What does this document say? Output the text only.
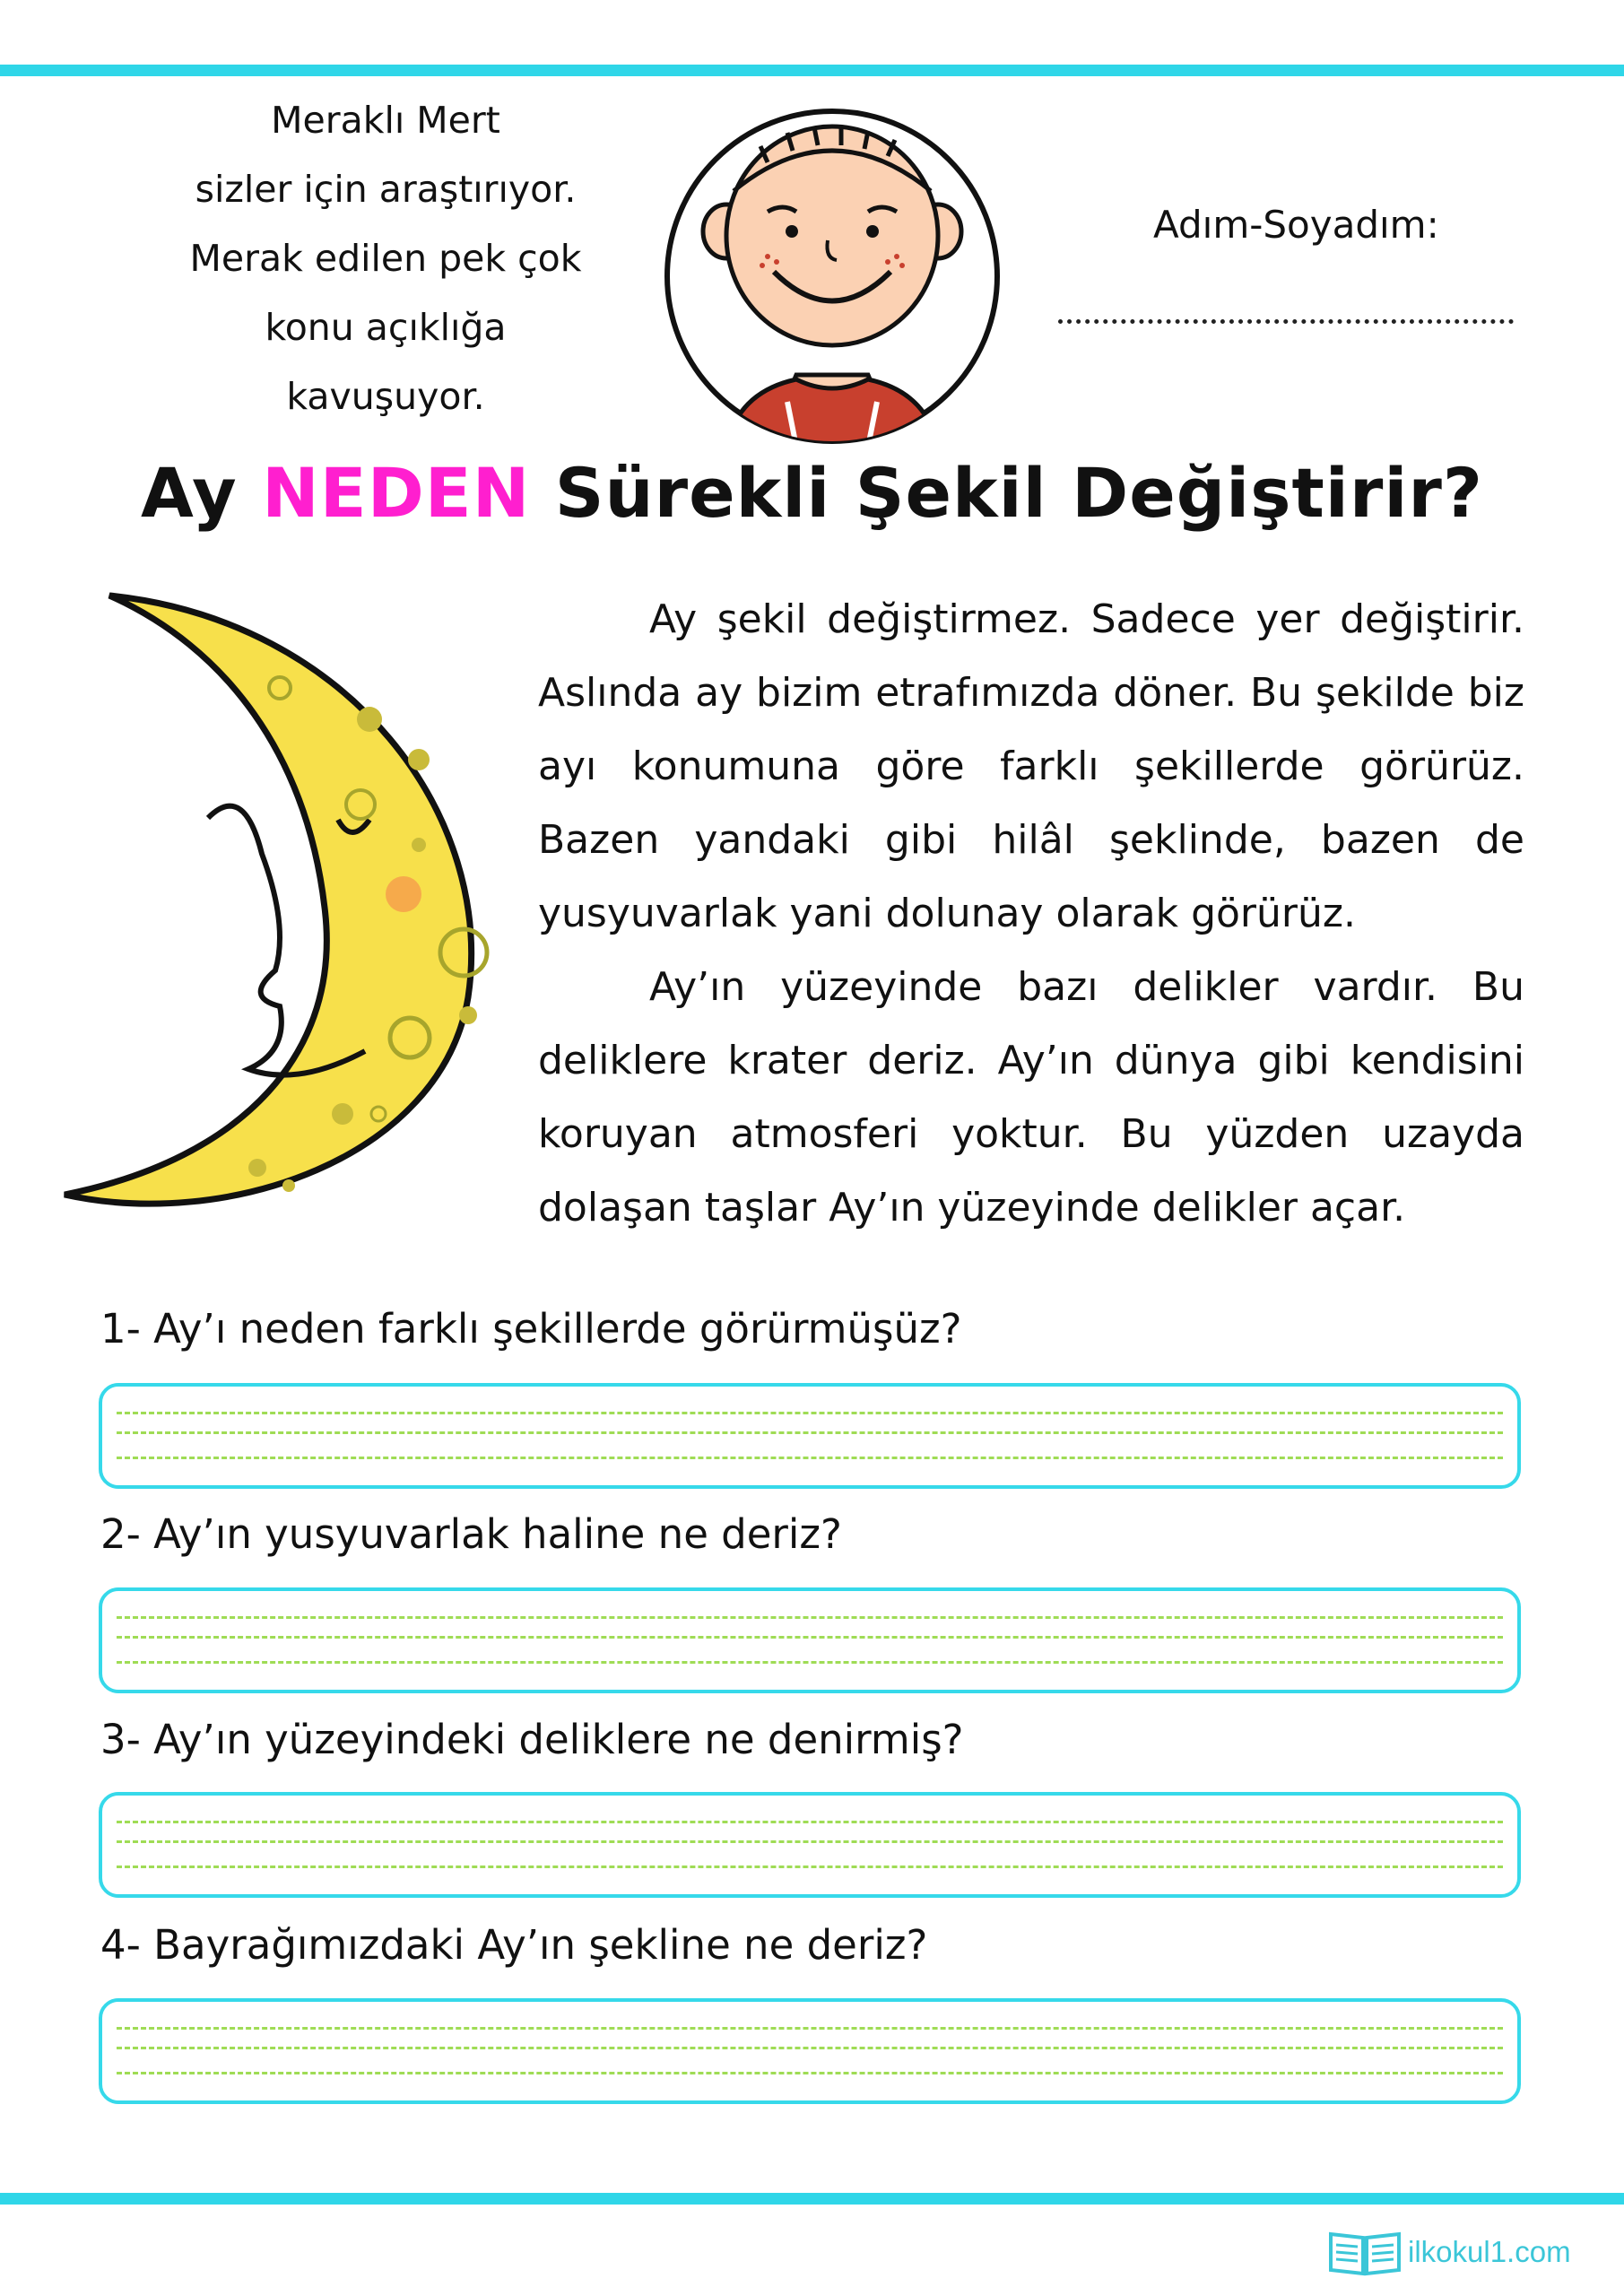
Meraklı Mert
sizler için araştırıyor.
Merak edilen pek çok
konu açıklığa
kavuşuyor.
Adım-Soyadım:
Ay NEDEN Sürekli Şekil Değiştirir?

Ay şekil değiştirmez. Sadece yer değiştirir. Aslında ay bizim etrafımızda döner. Bu şekilde biz ayı konumuna göre farklı şekillerde görürüz. Bazen yandaki gibi hilâl şeklinde, bazen de yusyuvarlak yani dolunay olarak görürüz.

Ay’ın yüzeyinde bazı delikler vardır. Bu deliklere krater deriz. Ay’ın dünya gibi kendisini koruyan atmosferi yoktur. Bu yüzden uzayda dolaşan taşlar Ay’ın yüzeyinde delikler açar.

1- Ay’ı neden farklı şekillerde görürmüşüz?
2- Ay’ın yusyuvarlak haline ne deriz?
3- Ay’ın yüzeyindeki deliklere ne denirmiş?
4- Bayrağımızdaki Ay’ın şekline ne deriz?
ilkokul1.com
